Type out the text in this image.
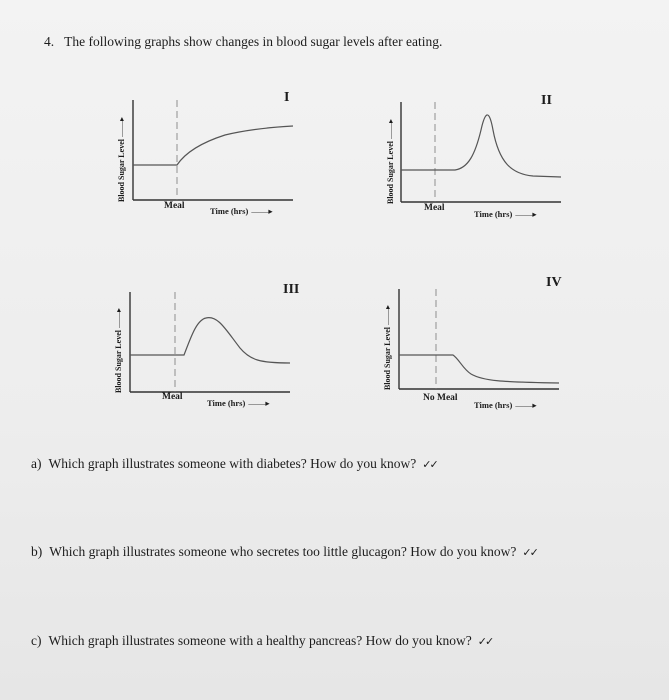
4. The following graphs show changes in blood sugar levels after eating.
I
Blood Sugar Level ——▸
Meal	Time (hrs) ——▸
II
Blood Sugar Level ——▸
Meal
Time (hrs) ——▸
III
Blood Sugar Level ——▸
Meal
Time (hrs) ——▸
IV
Blood Sugar Level ——▸
No Meal
Time (hrs) ——▸
a) Which graph illustrates someone with diabetes? How do you know? ✓✓
b) Which graph illustrates someone who secretes too little glucagon? How do you know? ✓✓
c) Which graph illustrates someone with a healthy pancreas? How do you know? ✓✓
